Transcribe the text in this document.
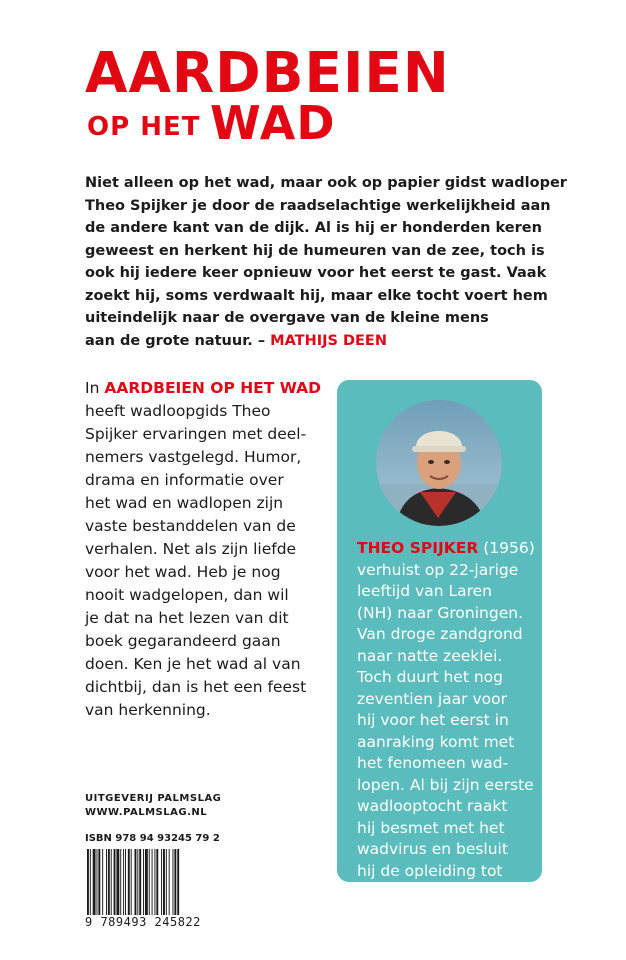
AARDBEIEN
OP HET WAD
Niet alleen op het wad, maar ook op papier gidst wadloper
Theo Spijker je door de raadselachtige werkelijkheid aan
de andere kant van de dijk. Al is hij er honderden keren
geweest en herkent hij de humeuren van de zee, toch is
ook hij iedere keer opnieuw voor het eerst te gast. Vaak
zoekt hij, soms verdwaalt hij, maar elke tocht voert hem
uiteindelijk naar de overgave van de kleine mens
aan de grote natuur. – MATHIJS DEEN
In AARDBEIEN OP HET WAD
heeft wadloopgids Theo
Spijker ervaringen met deel-
nemers vastgelegd. Humor,
drama en informatie over
het wad en wadlopen zijn
vaste bestanddelen van de
verhalen. Net als zijn liefde
voor het wad. Heb je nog
nooit wadgelopen, dan wil
je dat na het lezen van dit
boek gegarandeerd gaan
doen. Ken je het wad al van
dichtbij, dan is het een feest
van herkenning.
THEO SPIJKER (1956)
verhuist op 22-jarige
leeftijd van Laren
(NH) naar Groningen.
Van droge zandgrond
naar natte zeeklei.
Toch duurt het nog
zeventien jaar voor
hij voor het eerst in
aanraking komt met
het fenomeen wad-
lopen. Al bij zijn eerste
wadlooptocht raakt
hij besmet met het
wadvirus en besluit
hij de opleiding tot
wadgids te volgen.
UITGEVERIJ PALMSLAG
WWW.PALMSLAG.NL
ISBN 978 94 93245 79 2
9 789493 245822
